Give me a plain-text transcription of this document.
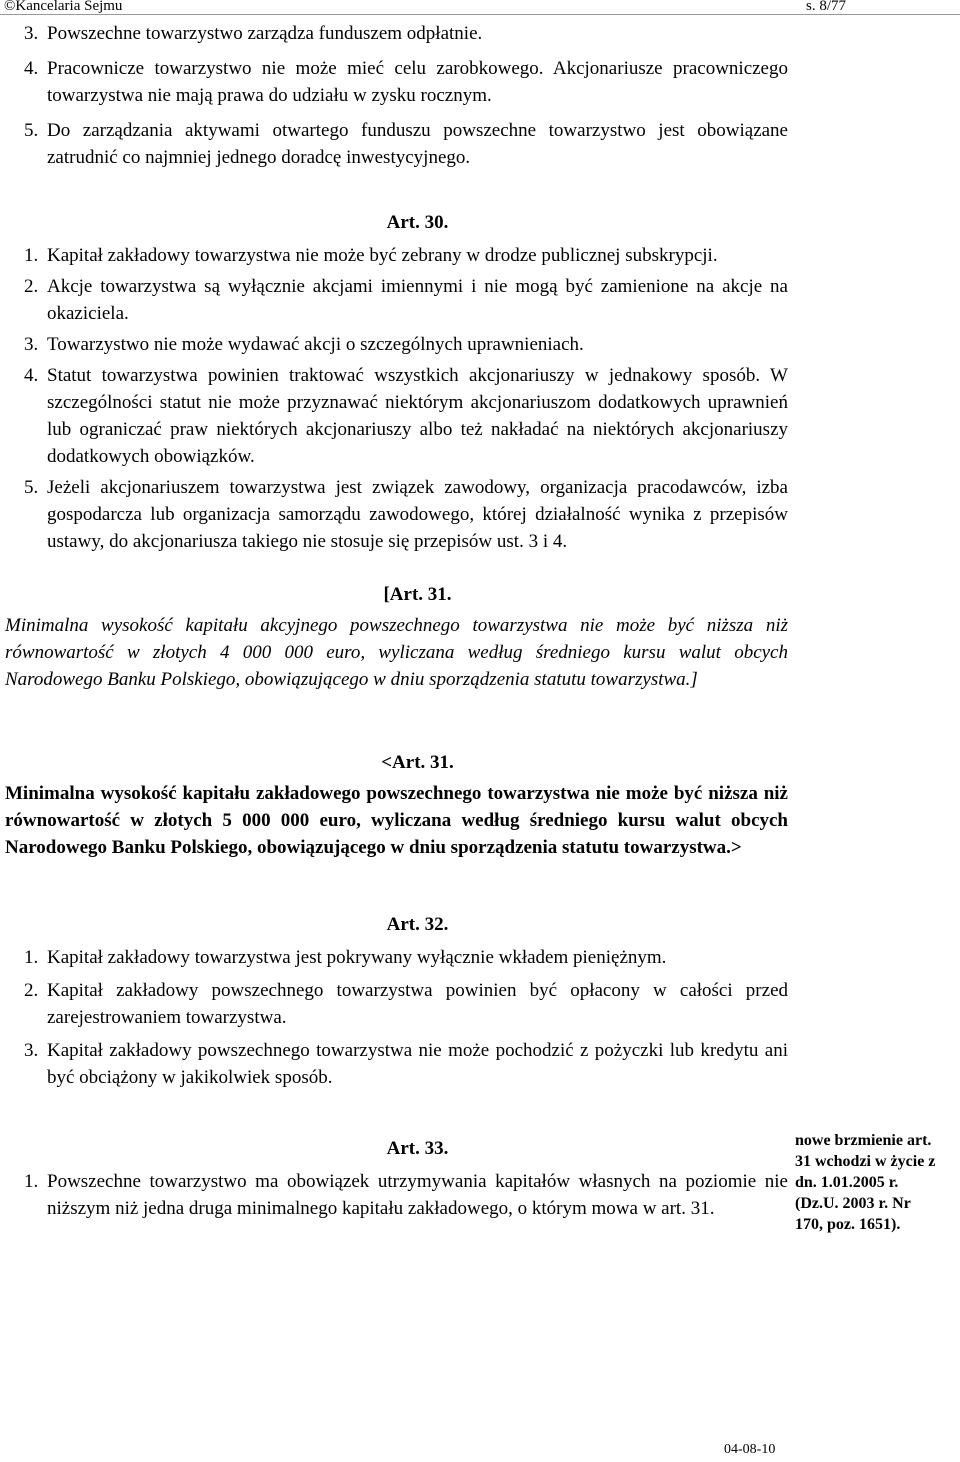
©Kancelaria Sejmu	s. 8/77
3. Powszechne towarzystwo zarządza funduszem odpłatnie.
4. Pracownicze towarzystwo nie może mieć celu zarobkowego. Akcjonariusze pracowniczego towarzystwa nie mają prawa do udziału w zysku rocznym.
5. Do zarządzania aktywami otwartego funduszu powszechne towarzystwo jest obowiązane zatrudnić co najmniej jednego doradcę inwestycyjnego.
Art. 30.
1. Kapitał zakładowy towarzystwa nie może być zebrany w drodze publicznej subskrypcji.
2. Akcje towarzystwa są wyłącznie akcjami imiennymi i nie mogą być zamienione na akcje na okaziciela.
3. Towarzystwo nie może wydawać akcji o szczególnych uprawnieniach.
4. Statut towarzystwa powinien traktować wszystkich akcjonariuszy w jednakowy sposób. W szczególności statut nie może przyznawać niektórym akcjonariuszom dodatkowych uprawnień lub ograniczać praw niektórych akcjonariuszy albo też nakładać na niektórych akcjonariuszy dodatkowych obowiązków.
5. Jeżeli akcjonariuszem towarzystwa jest związek zawodowy, organizacja pracodawców, izba gospodarcza lub organizacja samorządu zawodowego, której działalność wynika z przepisów ustawy, do akcjonariusza takiego nie stosuje się przepisów ust. 3 i 4.
[Art. 31.
Minimalna wysokość kapitału akcyjnego powszechnego towarzystwa nie może być niższa niż równowartość w złotych 4 000 000 euro, wyliczana według średniego kursu walut obcych Narodowego Banku Polskiego, obowiązującego w dniu sporządzenia statutu towarzystwa.]
<Art. 31.
Minimalna wysokość kapitału zakładowego powszechnego towarzystwa nie może być niższa niż równowartość w złotych 5 000 000 euro, wyliczana według średniego kursu walut obcych Narodowego Banku Polskiego, obowiązującego w dniu sporządzenia statutu towarzystwa.>
Art. 32.
1. Kapitał zakładowy towarzystwa jest pokrywany wyłącznie wkładem pieniężnym.
2. Kapitał zakładowy powszechnego towarzystwa powinien być opłacony w całości przed zarejestrowaniem towarzystwa.
3. Kapitał zakładowy powszechnego towarzystwa nie może pochodzić z pożyczki lub kredytu ani być obciążony w jakikolwiek sposób.
Art. 33.
1. Powszechne towarzystwo ma obowiązek utrzymywania kapitałów własnych na poziomie nie niższym niż jedna druga minimalnego kapitału zakładowego, o którym mowa w art. 31.
nowe brzmienie art.
31 wchodzi w życie z
dn. 1.01.2005 r.
(Dz.U. 2003 r. Nr
170, poz. 1651).
04-08-10
